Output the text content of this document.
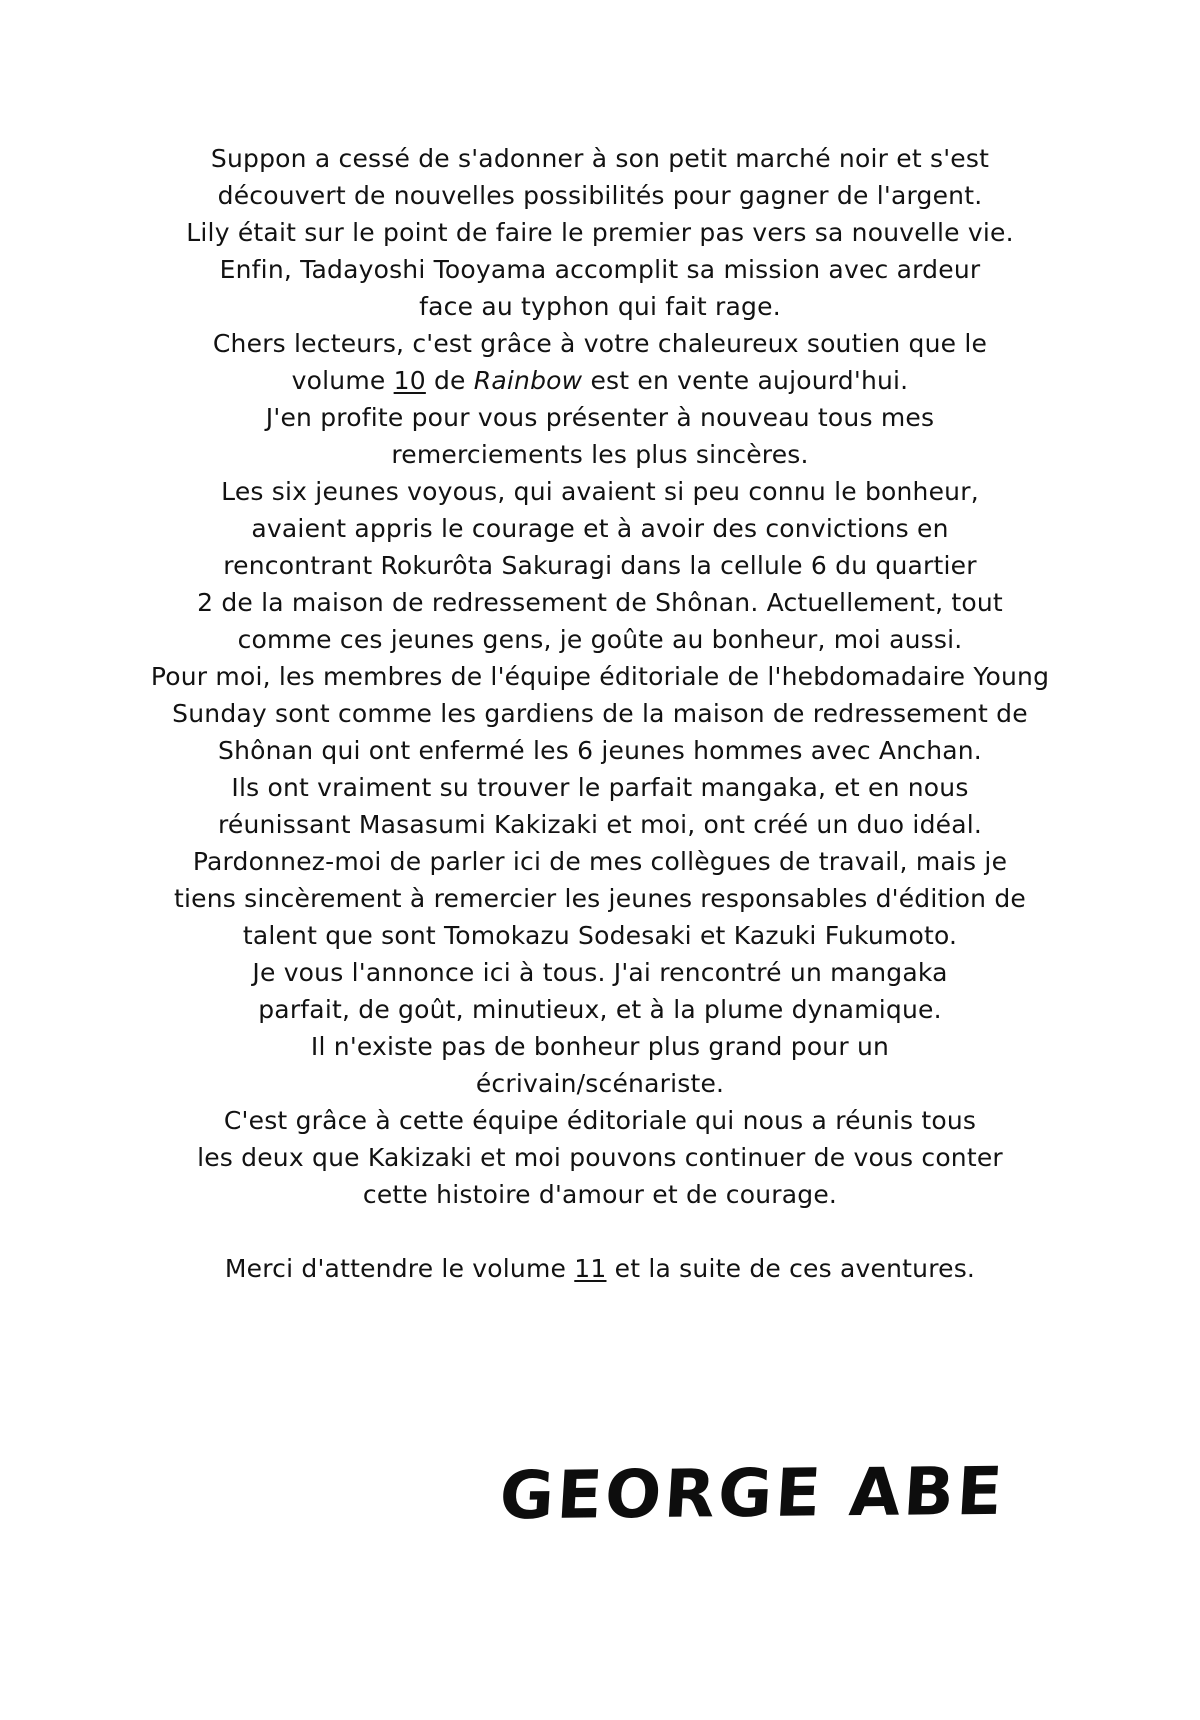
Suppon a cessé de s'adonner à son petit marché noir et s'est
découvert de nouvelles possibilités pour gagner de l'argent.
Lily était sur le point de faire le premier pas vers sa nouvelle vie.
Enfin, Tadayoshi Tooyama accomplit sa mission avec ardeur
face au typhon qui fait rage.
Chers lecteurs, c'est grâce à votre chaleureux soutien que le
volume 10 de Rainbow est en vente aujourd'hui.
J'en profite pour vous présenter à nouveau tous mes
remerciements les plus sincères.
Les six jeunes voyous, qui avaient si peu connu le bonheur,
avaient appris le courage et à avoir des convictions en
rencontrant Rokurôta Sakuragi dans la cellule 6 du quartier
2 de la maison de redressement de Shônan. Actuellement, tout
comme ces jeunes gens, je goûte au bonheur, moi aussi.
Pour moi, les membres de l'équipe éditoriale de l'hebdomadaire Young
Sunday sont comme les gardiens de la maison de redressement de
Shônan qui ont enfermé les 6 jeunes hommes avec Anchan.
Ils ont vraiment su trouver le parfait mangaka, et en nous
réunissant Masasumi Kakizaki et moi, ont créé un duo idéal.
Pardonnez-moi de parler ici de mes collègues de travail, mais je
tiens sincèrement à remercier les jeunes responsables d'édition de
talent que sont Tomokazu Sodesaki et Kazuki Fukumoto.
Je vous l'annonce ici à tous. J'ai rencontré un mangaka
parfait, de goût, minutieux, et à la plume dynamique.
Il n'existe pas de bonheur plus grand pour un
écrivain/scénariste.
C'est grâce à cette équipe éditoriale qui nous a réunis tous
les deux que Kakizaki et moi pouvons continuer de vous conter
cette histoire d'amour et de courage.

Merci d'attendre le volume 11 et la suite de ces aventures.
GEORGE ABE
